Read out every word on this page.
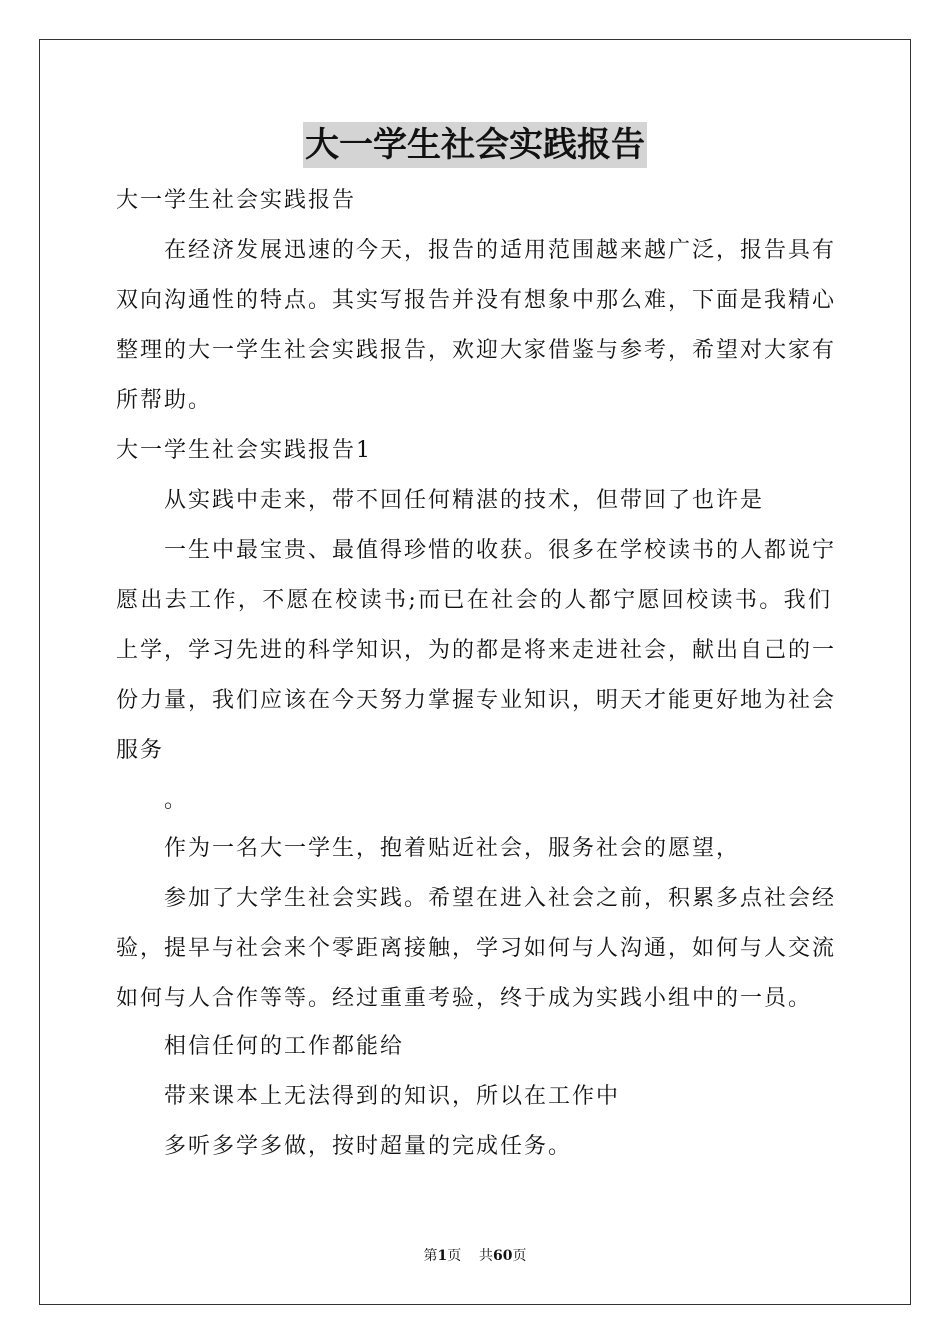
大一学生社会实践报告
大一学生社会实践报告
在经济发展迅速的今天，报告的适用范围越来越广泛，报告具有
双向沟通性的特点。其实写报告并没有想象中那么难，下面是我精心
整理的大一学生社会实践报告，欢迎大家借鉴与参考，希望对大家有
所帮助。
大一学生社会实践报告1
从实践中走来，带不回任何精湛的技术，但带回了也许是
一生中最宝贵、最值得珍惜的收获。很多在学校读书的人都说宁
愿出去工作，不愿在校读书;而已在社会的人都宁愿回校读书。我们
上学，学习先进的科学知识，为的都是将来走进社会，献出自己的一
份力量，我们应该在今天努力掌握专业知识，明天才能更好地为社会
服务
。
作为一名大一学生，抱着贴近社会，服务社会的愿望，
参加了大学生社会实践。希望在进入社会之前，积累多点社会经
验，提早与社会来个零距离接触，学习如何与人沟通，如何与人交流
如何与人合作等等。经过重重考验，终于成为实践小组中的一员。
相信任何的工作都能给
带来课本上无法得到的知识，所以在工作中
多听多学多做，按时超量的完成任务。
第1页 共60页
